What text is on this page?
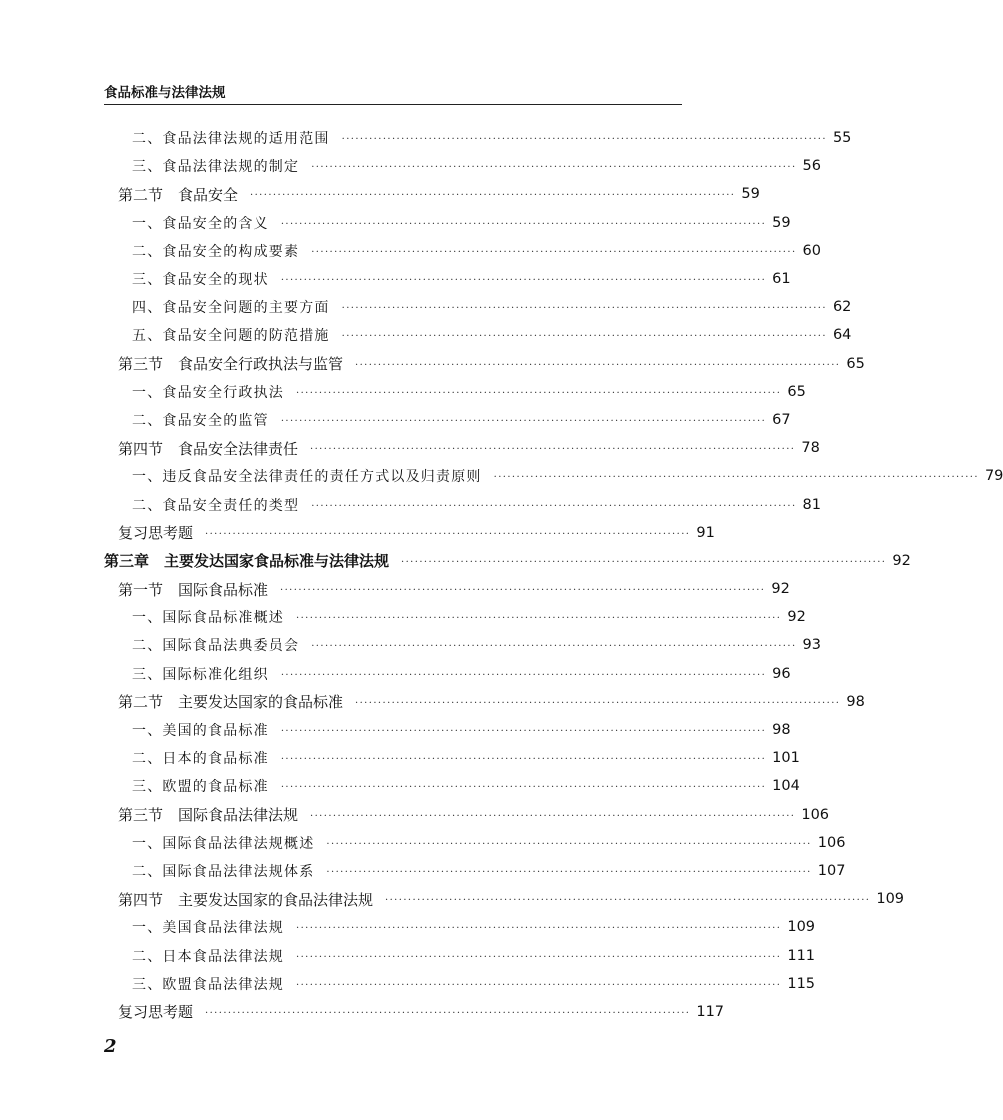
食品标准与法律法规
二、食品法律法规的适用范围 ·········································································································· 55
三、食品法律法规的制定 ·········································································································· 56
第二节　食品安全 ·········································································································· 59
一、食品安全的含义 ·········································································································· 59
二、食品安全的构成要素 ·········································································································· 60
三、食品安全的现状 ·········································································································· 61
四、食品安全问题的主要方面 ·········································································································· 62
五、食品安全问题的防范措施 ·········································································································· 64
第三节　食品安全行政执法与监管 ·········································································································· 65
一、食品安全行政执法 ·········································································································· 65
二、食品安全的监管 ·········································································································· 67
第四节　食品安全法律责任 ·········································································································· 78
一、违反食品安全法律责任的责任方式以及归责原则 ·········································································································· 79
二、食品安全责任的类型 ·········································································································· 81
复习思考题 ·········································································································· 91
第三章　主要发达国家食品标准与法律法规 ·········································································································· 92
第一节　国际食品标准 ·········································································································· 92
一、国际食品标准概述 ·········································································································· 92
二、国际食品法典委员会 ·········································································································· 93
三、国际标准化组织 ·········································································································· 96
第二节　主要发达国家的食品标准 ·········································································································· 98
一、美国的食品标准 ·········································································································· 98
二、日本的食品标准 ·········································································································· 101
三、欧盟的食品标准 ·········································································································· 104
第三节　国际食品法律法规 ·········································································································· 106
一、国际食品法律法规概述 ·········································································································· 106
二、国际食品法律法规体系 ·········································································································· 107
第四节　主要发达国家的食品法律法规 ·········································································································· 109
一、美国食品法律法规 ·········································································································· 109
二、日本食品法律法规 ·········································································································· 111
三、欧盟食品法律法规 ·········································································································· 115
复习思考题 ·········································································································· 117
2
